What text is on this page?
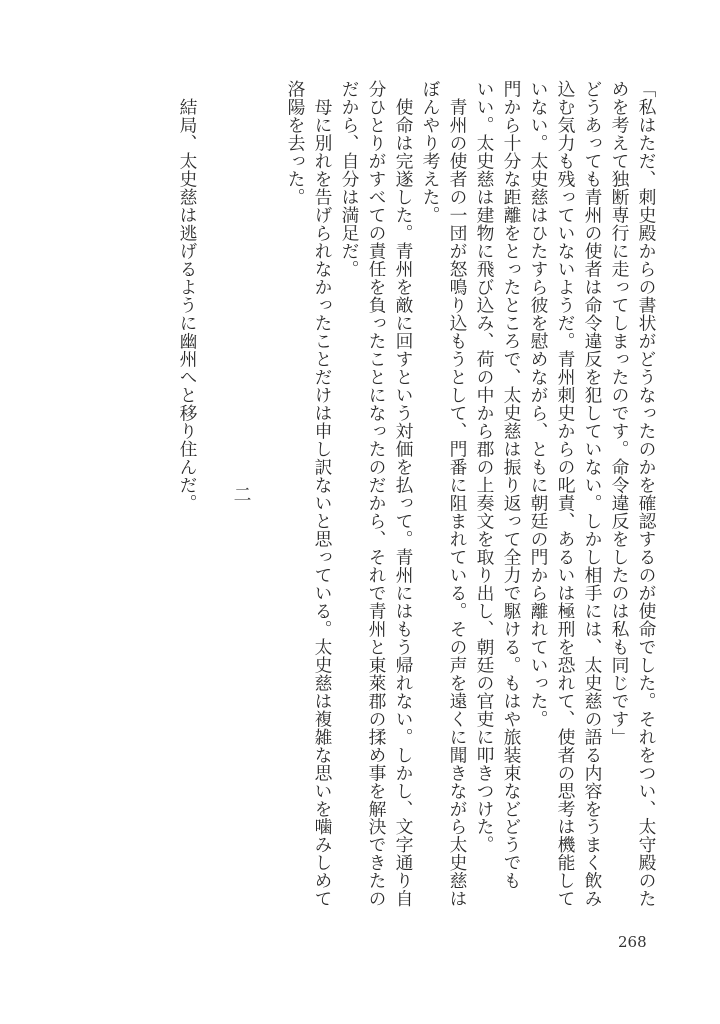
「私はただ、刺史殿からの書状がどうなったのかを確認するのが使命でした。それをつい、太守殿のた
めを考えて独断専行に走ってしまったのです。命令違反をしたのは私も同じです」
どうあっても青州の使者は命令違反を犯していない。しかし相手には、太史慈の語る内容をうまく飲み
込む気力も残っていないようだ。青州刺史からの叱責、あるいは極刑を恐れて、使者の思考は機能して
いない。太史慈はひたすら彼を慰めながら、ともに朝廷の門から離れていった。
門から十分な距離をとったところで、太史慈は振り返って全力で駆ける。もはや旅装束などどうでも
いい。太史慈は建物に飛び込み、荷の中から郡の上奏文を取り出し、朝廷の官吏に叩きつけた。
　青州の使者の一団が怒鳴り込もうとして、門番に阻まれている。その声を遠くに聞きながら太史慈は
ぼんやり考えた。
　使命は完遂した。青州を敵に回すという対価を払って。青州にはもう帰れない。しかし、文字通り自
分ひとりがすべての責任を負ったことになったのだから、それで青州と東萊郡の揉め事を解決できたの
だから、自分は満足だ。
　母に別れを告げられなかったことだけは申し訳ないと思っている。太史慈は複雑な思いを噛みしめて
洛陽を去った。
二
　結局、太史慈は逃げるように幽州へと移り住んだ。
268
